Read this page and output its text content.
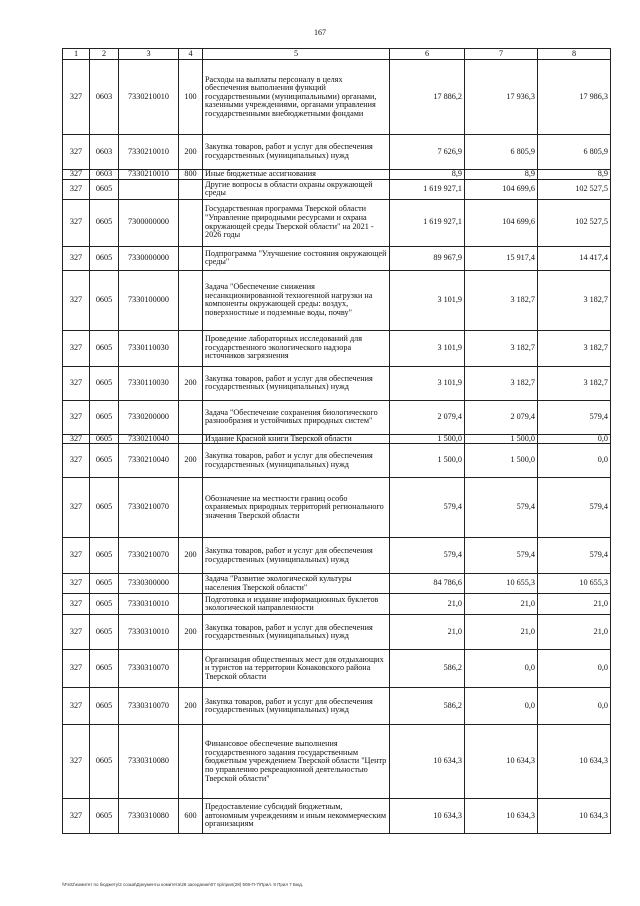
167
1	2	3	4	5	6	7	8
327	0603	7330210010	100	Расходы на выплаты персоналу в целях обеспечения выполнения функций государственными (муниципальными) органами, казенными учреждениями, органами управления государственными внебюджетными фондами	17 886,2	17 936,3	17 986,3
327	0603	7330210010	200	Закупка товаров, работ и услуг для обеспечения государственных (муниципальных) нужд	7 626,9	6 805,9	6 805,9
327	0603	7330210010	800	Иные бюджетные ассигнования	8,9	8,9	8,9
327	0605			Другие вопросы в области охраны окружающей среды	1 619 927,1	104 699,6	102 527,5
327	0605	7300000000		Государственная программа Тверской области "Управление природными ресурсами и охрана окружающей среды Тверской области" на 2021 - 2026 годы	1 619 927,1	104 699,6	102 527,5
327	0605	7330000000		Подпрограмма "Улучшение состояния окружающей среды"	89 967,9	15 917,4	14 417,4
327	0605	7330100000		Задача "Обеспечение снижения несанкционированной техногенной нагрузки на компоненты окружающей среды: воздух, поверхностные и подземные воды, почву"	3 101,9	3 182,7	3 182,7
327	0605	7330110030		Проведение лабораторных исследований для государственного экологического надзора источников загрязнения	3 101,9	3 182,7	3 182,7
327	0605	7330110030	200	Закупка товаров, работ и услуг для обеспечения государственных (муниципальных) нужд	3 101,9	3 182,7	3 182,7
327	0605	7330200000		Задача "Обеспечение сохранения биологического разнообразия и устойчивых природных систем"	2 079,4	2 079,4	579,4
327	0605	7330210040		Издание Красной книги Тверской области	1 500,0	1 500,0	0,0
327	0605	7330210040	200	Закупка товаров, работ и услуг для обеспечения государственных (муниципальных) нужд	1 500,0	1 500,0	0,0
327	0605	7330210070		Обозначение на местности границ особо охраняемых природных территорий регионального значения Тверской области	579,4	579,4	579,4
327	0605	7330210070	200	Закупка товаров, работ и услуг для обеспечения государственных (муниципальных) нужд	579,4	579,4	579,4
327	0605	7330300000		Задача "Развитие экологической культуры населения Тверской области"	84 786,6	10 655,3	10 655,3
327	0605	7330310010		Подготовка и издание информационных буклетов экологической направленности	21,0	21,0	21,0
327	0605	7330310010	200	Закупка товаров, работ и услуг для обеспечения государственных (муниципальных) нужд	21,0	21,0	21,0
327	0605	7330310070		Организация общественных мест для отдыхающих и туристов на территории Конаковского района Тверской области	586,2	0,0	0,0
327	0605	7330310070	200	Закупка товаров, работ и услуг для обеспечения государственных (муниципальных) нужд	586,2	0,0	0,0
327	0605	7330310080		Финансовое обеспечение выполнения государственного задания государственным бюджетным учреждением Тверской области "Центр по управлению рекреационной деятельностью Тверской области"	10 634,3	10 634,3	10 634,3
327	0605	7330310080	600	Предоставление субсидий бюджетным, автономным учреждениям и иным некоммерческим организациям	10 634,3	10 634,3	10 634,3
\\Fs02\комитет по бюджету\2 созыв\Документы комитета\28 заседание\07 пр\прил(28) 508-П-7\Прил. 8 Прил 7 Бюд.
